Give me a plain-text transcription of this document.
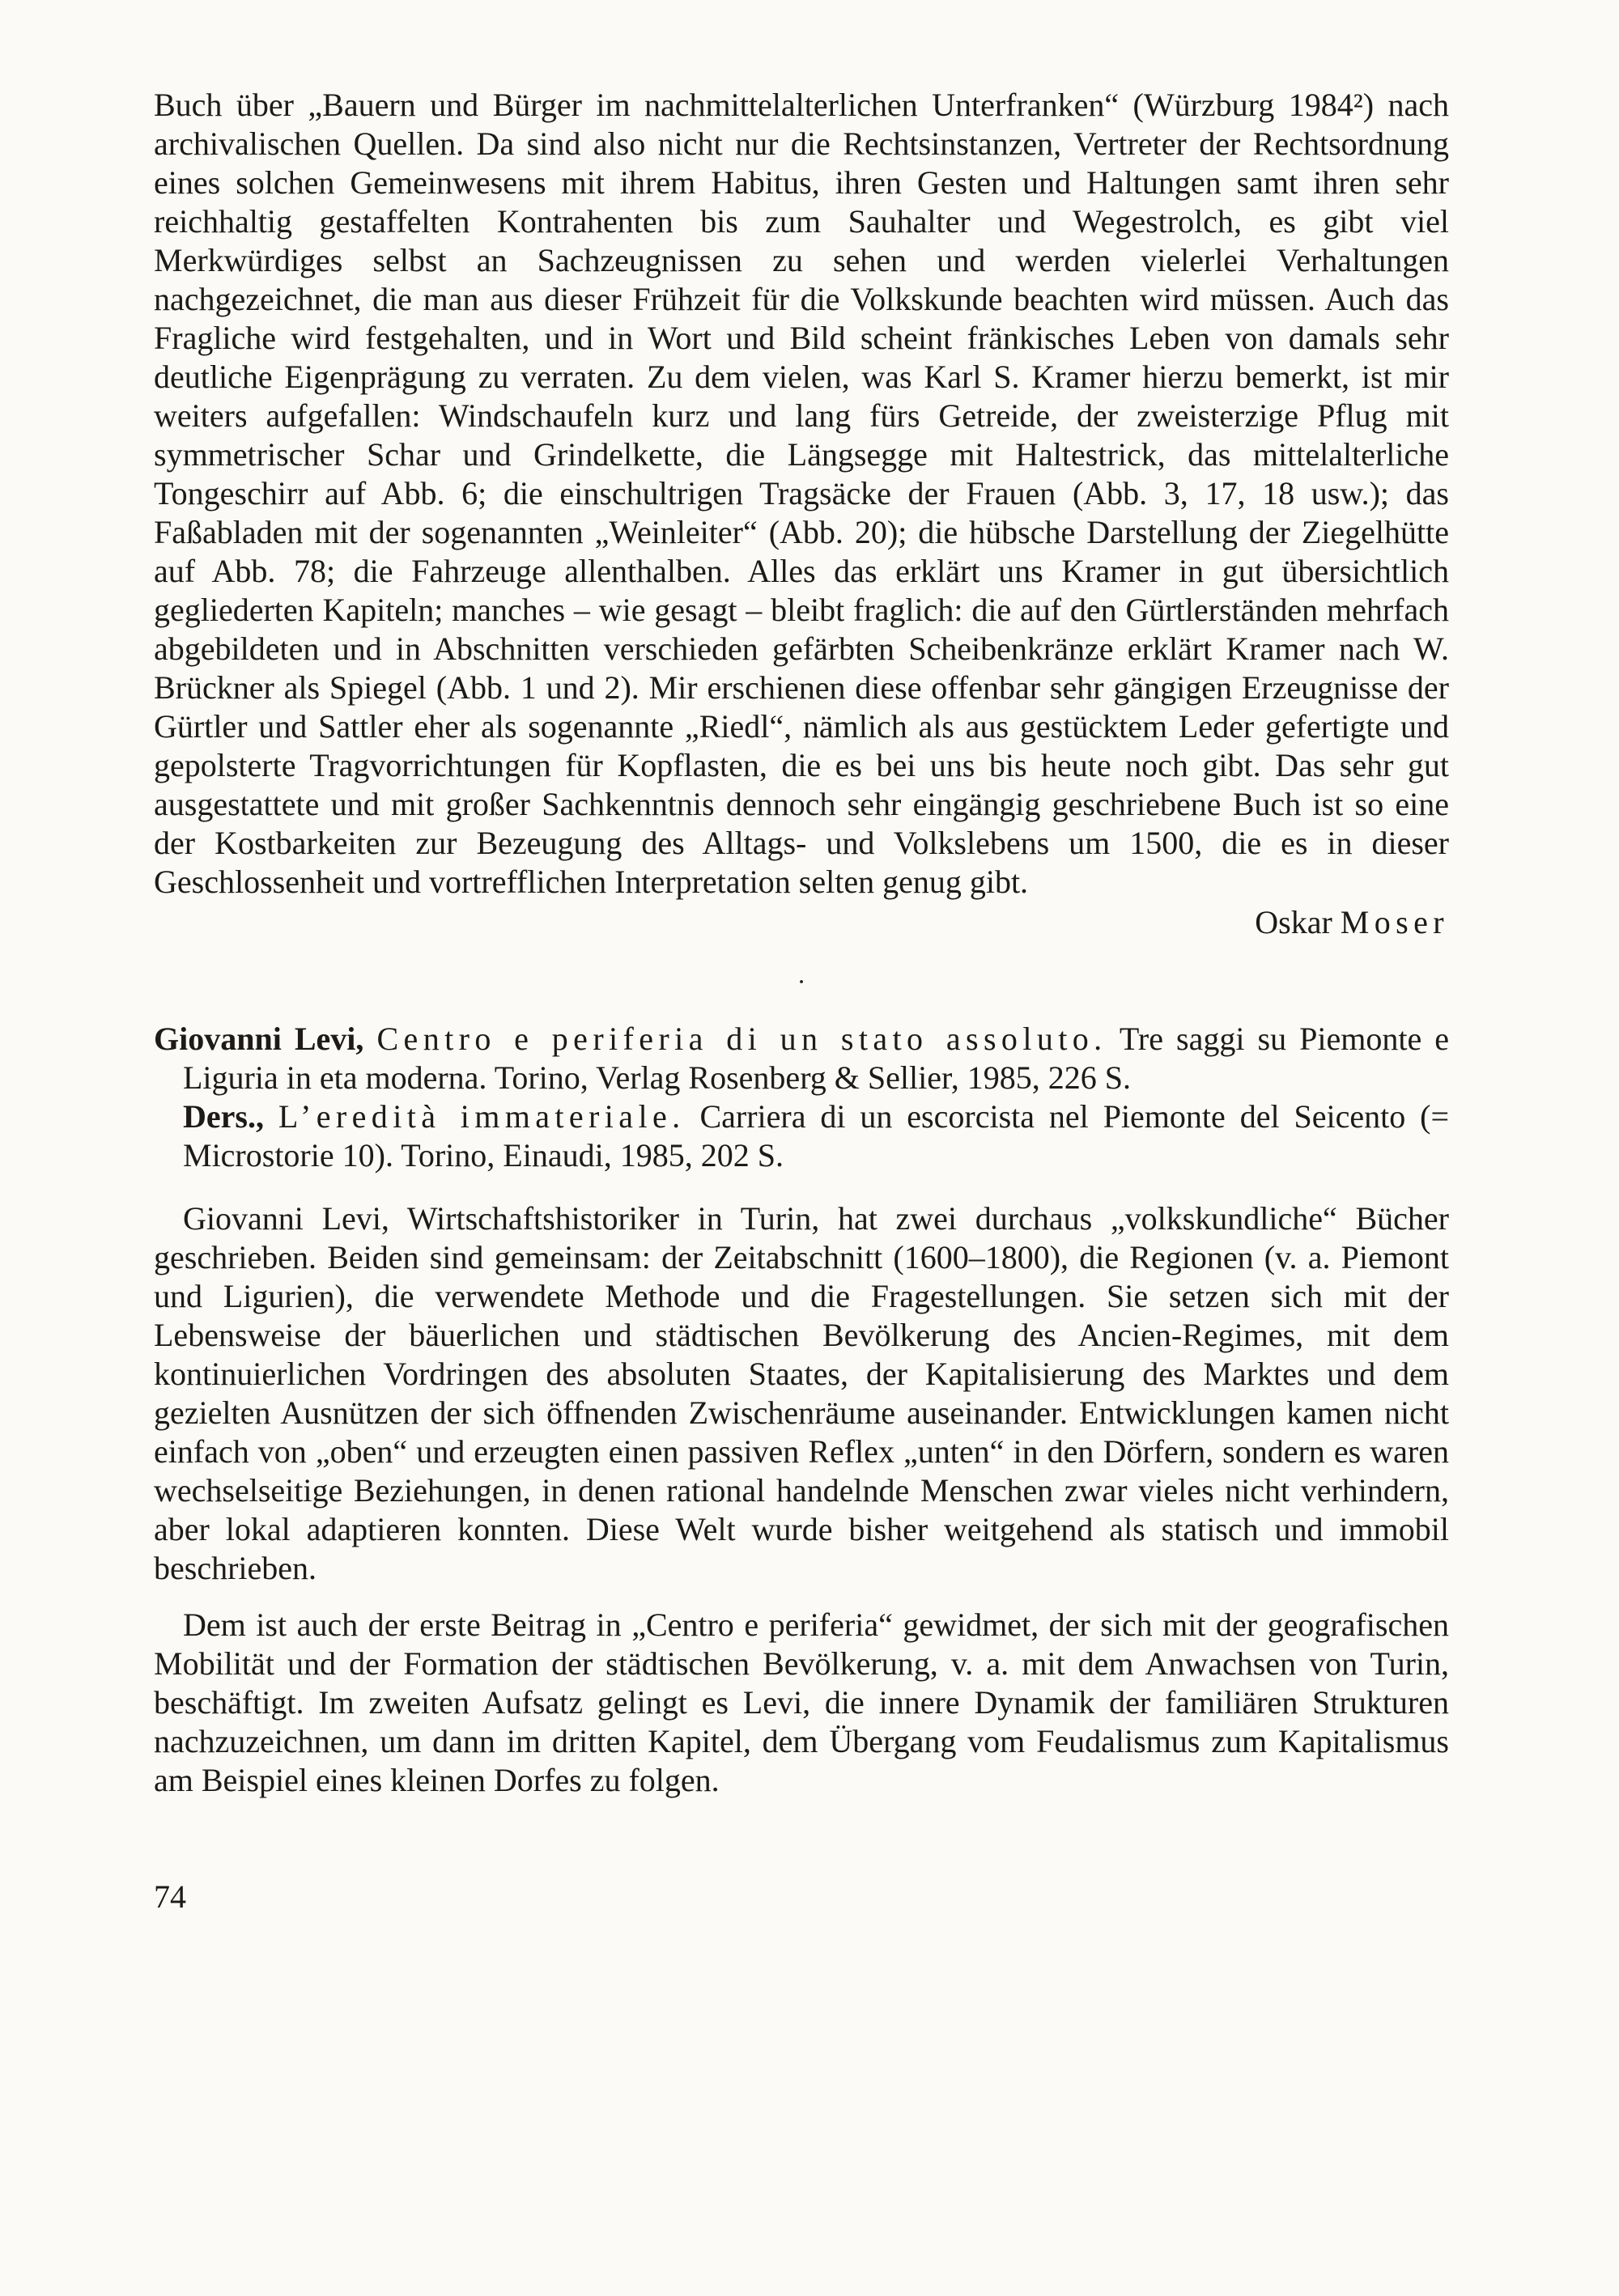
Buch über „Bauern und Bürger im nachmittelalterlichen Unterfranken“ (Würzburg 1984²) nach archivalischen Quellen. Da sind also nicht nur die Rechtsinstanzen, Vertreter der Rechtsordnung eines solchen Gemeinwesens mit ihrem Habitus, ihren Gesten und Haltungen samt ihren sehr reichhaltig gestaffelten Kontrahenten bis zum Sauhalter und Wegestrolch, es gibt viel Merkwürdiges selbst an Sachzeugnissen zu sehen und werden vielerlei Verhaltungen nachgezeichnet, die man aus dieser Frühzeit für die Volkskunde beachten wird müssen. Auch das Fragliche wird festgehalten, und in Wort und Bild scheint fränkisches Leben von damals sehr deutliche Eigenprägung zu verraten. Zu dem vielen, was Karl S. Kramer hierzu bemerkt, ist mir weiters aufgefallen: Windschaufeln kurz und lang fürs Getreide, der zweisterzige Pflug mit symmetrischer Schar und Grindelkette, die Längsegge mit Haltestrick, das mittelalterliche Tongeschirr auf Abb. 6; die einschultrigen Tragsäcke der Frauen (Abb. 3, 17, 18 usw.); das Faßabladen mit der sogenannten „Weinleiter“ (Abb. 20); die hübsche Darstellung der Ziegelhütte auf Abb. 78; die Fahrzeuge allenthalben. Alles das erklärt uns Kramer in gut übersichtlich gegliederten Kapiteln; manches – wie gesagt – bleibt fraglich: die auf den Gürtlerständen mehrfach abgebildeten und in Abschnitten verschieden gefärbten Scheibenkränze erklärt Kramer nach W. Brückner als Spiegel (Abb. 1 und 2). Mir erschienen diese offenbar sehr gängigen Erzeugnisse der Gürtler und Sattler eher als sogenannte „Riedl“, nämlich als aus gestücktem Leder gefertigte und gepolsterte Tragvorrichtungen für Kopflasten, die es bei uns bis heute noch gibt. Das sehr gut ausgestattete und mit großer Sachkenntnis dennoch sehr eingängig geschriebene Buch ist so eine der Kostbarkeiten zur Bezeugung des Alltags- und Volkslebens um 1500, die es in dieser Geschlossenheit und vortrefflichen Interpretation selten genug gibt.

Oskar Moser

·

Giovanni Levi, Centro e periferia di un stato assoluto. Tre saggi su Piemonte e Liguria in eta moderna. Torino, Verlag Rosenberg & Sellier, 1985, 226 S.

Ders., L’eredità immateriale. Carriera di un escorcista nel Piemonte del Seicento (= Microstorie 10). Torino, Einaudi, 1985, 202 S.

Giovanni Levi, Wirtschaftshistoriker in Turin, hat zwei durchaus „volkskundliche“ Bücher geschrieben. Beiden sind gemeinsam: der Zeitabschnitt (1600–1800), die Regionen (v. a. Piemont und Ligurien), die verwendete Methode und die Fragestellungen. Sie setzen sich mit der Lebensweise der bäuerlichen und städtischen Bevölkerung des Ancien-Regimes, mit dem kontinuierlichen Vordringen des absoluten Staates, der Kapitalisierung des Marktes und dem gezielten Ausnützen der sich öffnenden Zwischenräume auseinander. Entwicklungen kamen nicht einfach von „oben“ und erzeugten einen passiven Reflex „unten“ in den Dörfern, sondern es waren wechselseitige Beziehungen, in denen rational handelnde Menschen zwar vieles nicht verhindern, aber lokal adaptieren konnten. Diese Welt wurde bisher weitgehend als statisch und immobil beschrieben.

Dem ist auch der erste Beitrag in „Centro e periferia“ gewidmet, der sich mit der geografischen Mobilität und der Formation der städtischen Bevölkerung, v. a. mit dem Anwachsen von Turin, beschäftigt. Im zweiten Aufsatz gelingt es Levi, die innere Dynamik der familiären Strukturen nachzuzeichnen, um dann im dritten Kapitel, dem Übergang vom Feudalismus zum Kapitalismus am Beispiel eines kleinen Dorfes zu folgen.

74
